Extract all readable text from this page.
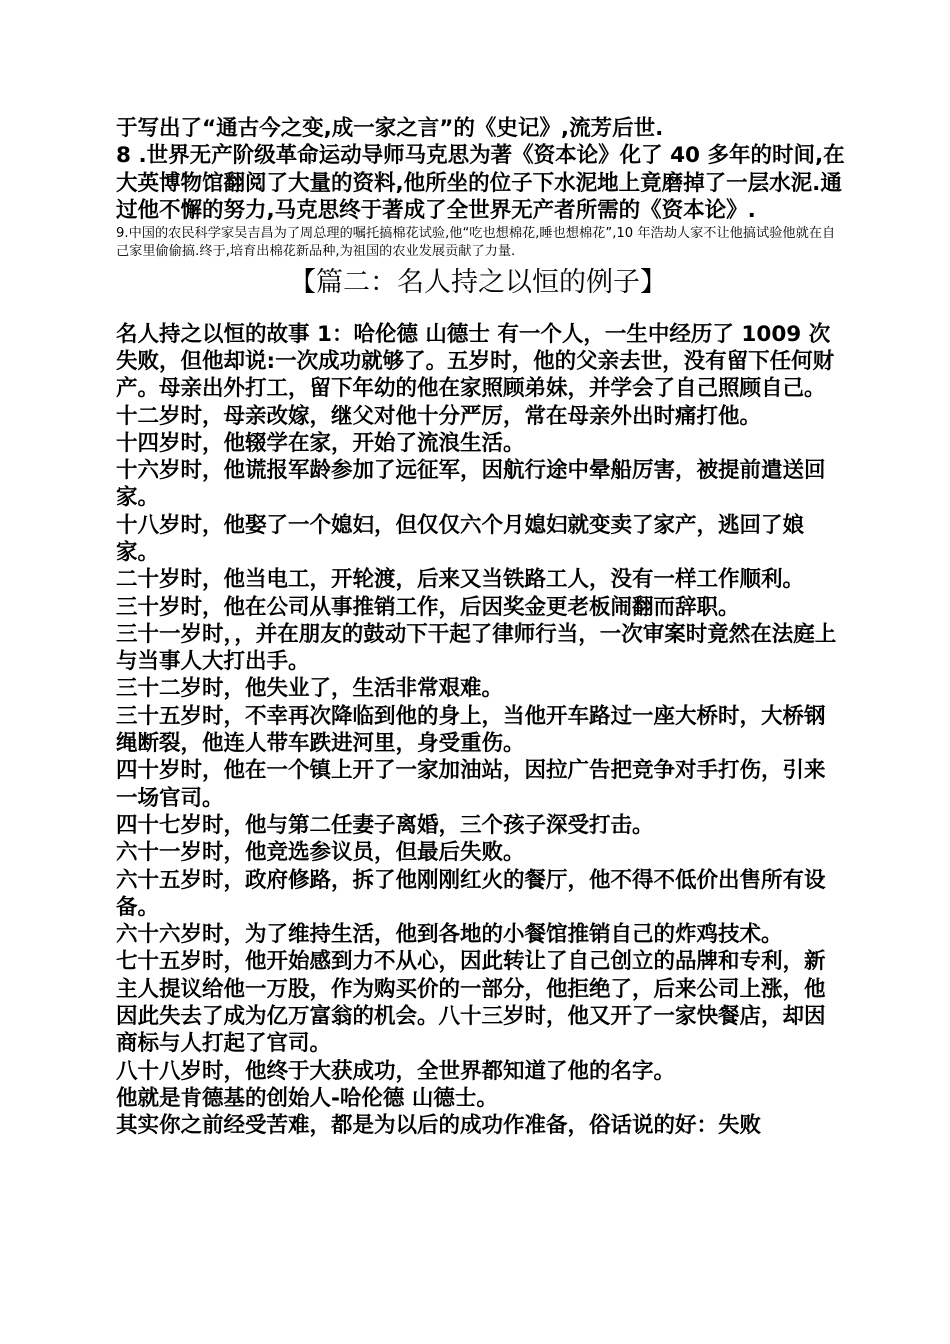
于写出了“通古今之变,成一家之言”的《史记》,流芳后世.

8 .世界无产阶级革命运动导师马克思为著《资本论》化了 40 多年的时间,在大英博物馆翻阅了大量的资料,他所坐的位子下水泥地上竟磨掉了一层水泥.通过他不懈的努力,马克思终于著成了全世界无产者所需的《资本论》.

9.中国的农民科学家吴吉昌为了周总理的嘱托搞棉花试验,他“吃也想棉花,睡也想棉花”,10 年浩劫人家不让他搞试验他就在自己家里偷偷搞.终于,培育出棉花新品种,为祖国的农业发展贡献了力量.

【篇二：名人持之以恒的例子】

名人持之以恒的故事 1：哈伦德 山德士 有一个人，一生中经历了 1009 次失败，但他却说:一次成功就够了。五岁时，他的父亲去世，没有留下任何财产。母亲出外打工，留下年幼的他在家照顾弟妹，并学会了自己照顾自己。

十二岁时，母亲改嫁，继父对他十分严厉，常在母亲外出时痛打他。

十四岁时，他辍学在家，开始了流浪生活。

十六岁时，他谎报军龄参加了远征军，因航行途中晕船厉害，被提前遣送回家。

十八岁时，他娶了一个媳妇，但仅仅六个月媳妇就变卖了家产，逃回了娘家。

二十岁时，他当电工，开轮渡，后来又当铁路工人，没有一样工作顺利。

三十岁时，他在公司从事推销工作，后因奖金更老板闹翻而辞职。

三十一岁时，，并在朋友的鼓动下干起了律师行当，一次审案时竟然在法庭上与当事人大打出手。

三十二岁时，他失业了，生活非常艰难。

三十五岁时，不幸再次降临到他的身上，当他开车路过一座大桥时，大桥钢绳断裂，他连人带车跌进河里，身受重伤。

四十岁时，他在一个镇上开了一家加油站，因拉广告把竞争对手打伤，引来一场官司。

四十七岁时，他与第二任妻子离婚，三个孩子深受打击。

六十一岁时，他竞选参议员，但最后失败。

六十五岁时，政府修路，拆了他刚刚红火的餐厅，他不得不低价出售所有设备。

六十六岁时，为了维持生活，他到各地的小餐馆推销自己的炸鸡技术。

七十五岁时，他开始感到力不从心，因此转让了自己创立的品牌和专利，新主人提议给他一万股，作为购买价的一部分，他拒绝了，后来公司上涨，他因此失去了成为亿万富翁的机会。八十三岁时，他又开了一家快餐店，却因商标与人打起了官司。

八十八岁时，他终于大获成功，全世界都知道了他的名字。

他就是肯德基的创始人-哈伦德 山德士。

其实你之前经受苦难，都是为以后的成功作准备，俗话说的好：失败
